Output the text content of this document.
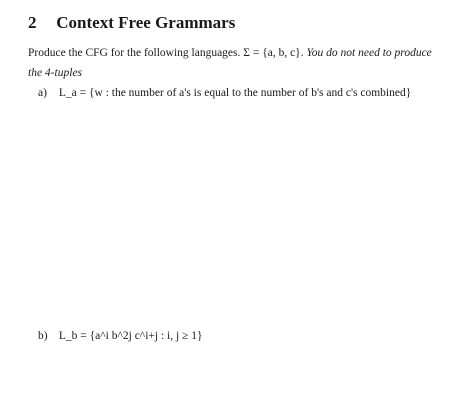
2 Context Free Grammars
Produce the CFG for the following languages. Σ = {a, b, c}. You do not need to produce the 4-tuples
a) L_a = {w : the number of a's is equal to the number of b's and c's combined}
b) L_b = {a^i b^2j c^i+j : i, j ≥ 1}
